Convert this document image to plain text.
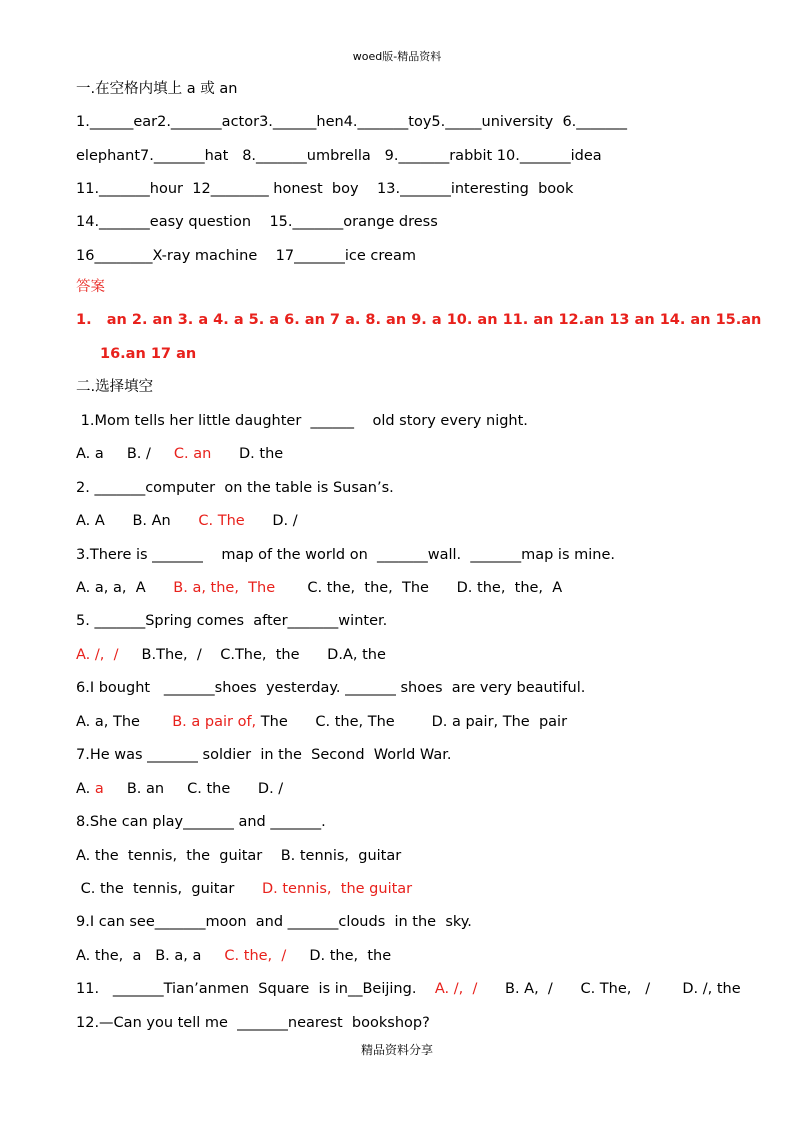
woed版-精品资料
一.在空格内填上 a 或 an
1.______ear2._______actor3.______hen4._______toy5._____university  6._______
elephant7._______hat   8._______umbrella   9._______rabbit 10._______idea
11._______hour  12________ honest  boy    13._______interesting  book
14._______easy question    15._______orange dress
16________X-ray machine    17_______ice cream
答案
1.   an 2. an 3. a 4. a 5. a 6. an 7 a. 8. an 9. a 10. an 11. an 12.an 13 an 14. an 15.an
16.an 17 an
二.选择填空
1.Mom tells her little daughter  ______    old story every night.
A. a     B. /     C. an      D. the
2. _______computer  on the table is Susan’s.
A. A      B. An      C. The      D. /
3.There is _______    map of the world on  _______wall.  _______map is mine.
A. a, a,  A      B. a, the,  The       C. the,  the,  The      D. the,  the,  A
5. _______Spring comes  after_______winter.
A. /,  /     B.The,  /    C.The,  the      D.A, the
6.I bought   _______shoes  yesterday. _______ shoes  are very beautiful.
A. a, The       B. a pair of, The      C. the, The        D. a pair, The  pair
7.He was _______ soldier  in the  Second  World War.
A. a     B. an     C. the      D. /
8.She can play_______ and _______.
A. the  tennis,  the  guitar    B. tennis,  guitar
C. the  tennis,  guitar      D. tennis,  the guitar
9.I can see_______moon  and _______clouds  in the  sky.
A. the,  a   B. a, a     C. the,  /     D. the,  the
11.   _______Tian’anmen  Square  is in__Beijing.    A. /,  /      B. A,  /      C. The,   /       D. /, the
12.—Can you tell me  _______nearest  bookshop?
精品资料分享
